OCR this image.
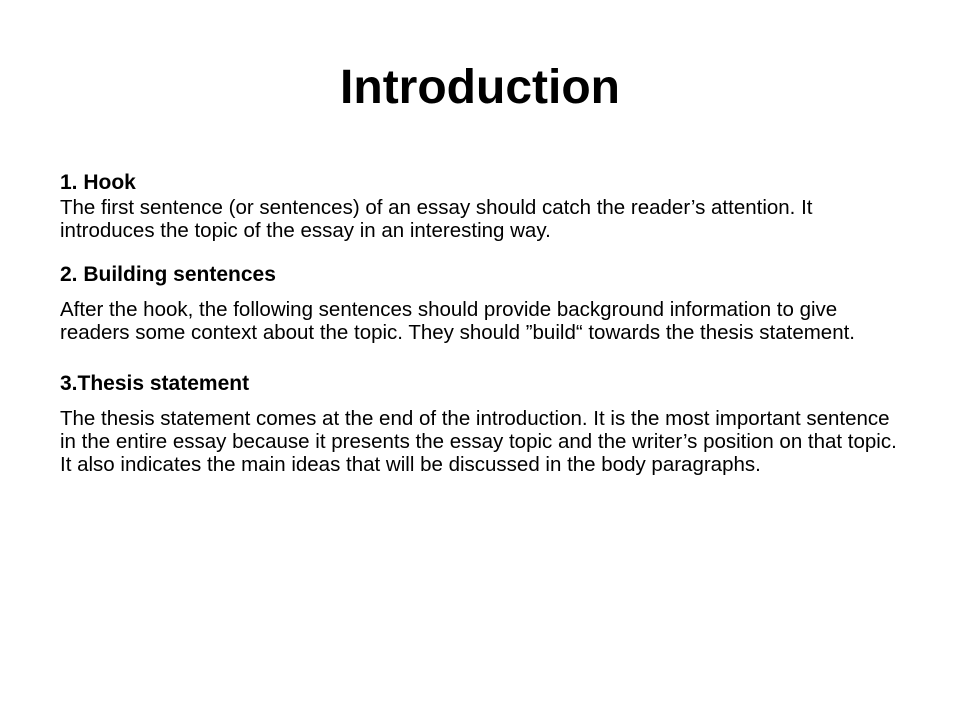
Introduction

1. Hook

The first sentence (or sentences) of an essay should catch the reader’s attention. It introduces the topic of the essay in an interesting way.

2. Building sentences

After the hook, the following sentences should provide background information to give readers some context about the topic. They should ”build“ towards the thesis statement.

3.Thesis statement

The thesis statement comes at the end of the introduction. It is the most important sentence in the entire essay because it presents the essay topic and the writer’s position on that topic. It also indicates the main ideas that will be discussed in the body paragraphs.
